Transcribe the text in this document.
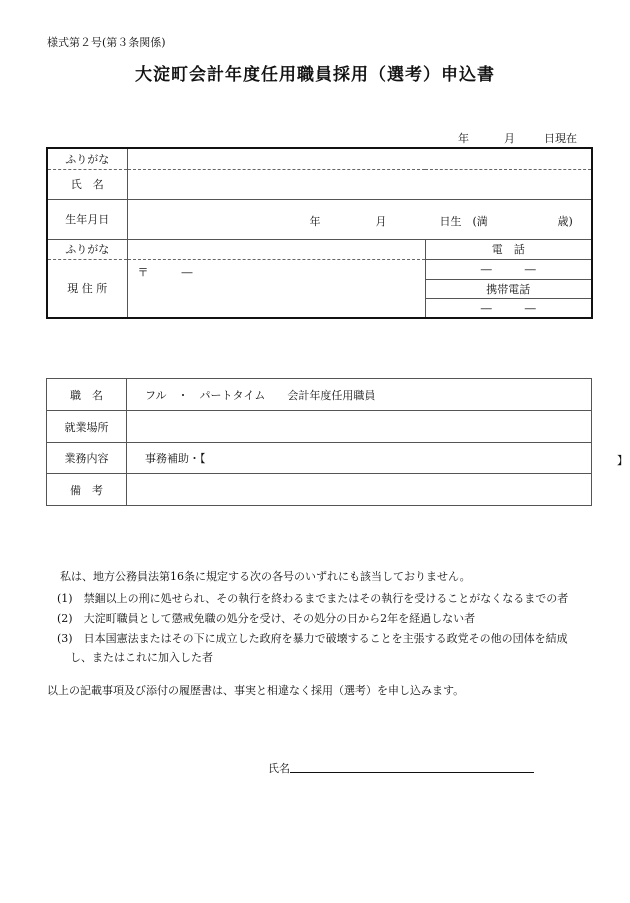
様式第２号(第３条関係)
大淀町会計年度任用職員採用（選考）申込書
年	月	日現在
ふりがな		
氏　名		
生年月日	年 月 日生　(満 歳)	

ふりがな		電　話
現 住 所	〒　　　―	―　　　―
		携帯電話
		―　　　―
職　名	フル　・　パートタイム　　会計年度任用職員
就業場所	
業務内容	事務補助・【 】

備　考	
私は、地方公務員法第16条に規定する次の各号のいずれにも該当しておりません。
(1)　禁錮以上の刑に処せられ、その執行を終わるまでまたはその執行を受けることがなくなるまでの者
(2)　大淀町職員として懲戒免職の処分を受け、その処分の日から2年を経過しない者
(3)　日本国憲法またはその下に成立した政府を暴力で破壊することを主張する政党その他の団体を結成
し、またはこれに加入した者
以上の記載事項及び添付の履歴書は、事実と相違なく採用（選考）を申し込みます。
氏名
